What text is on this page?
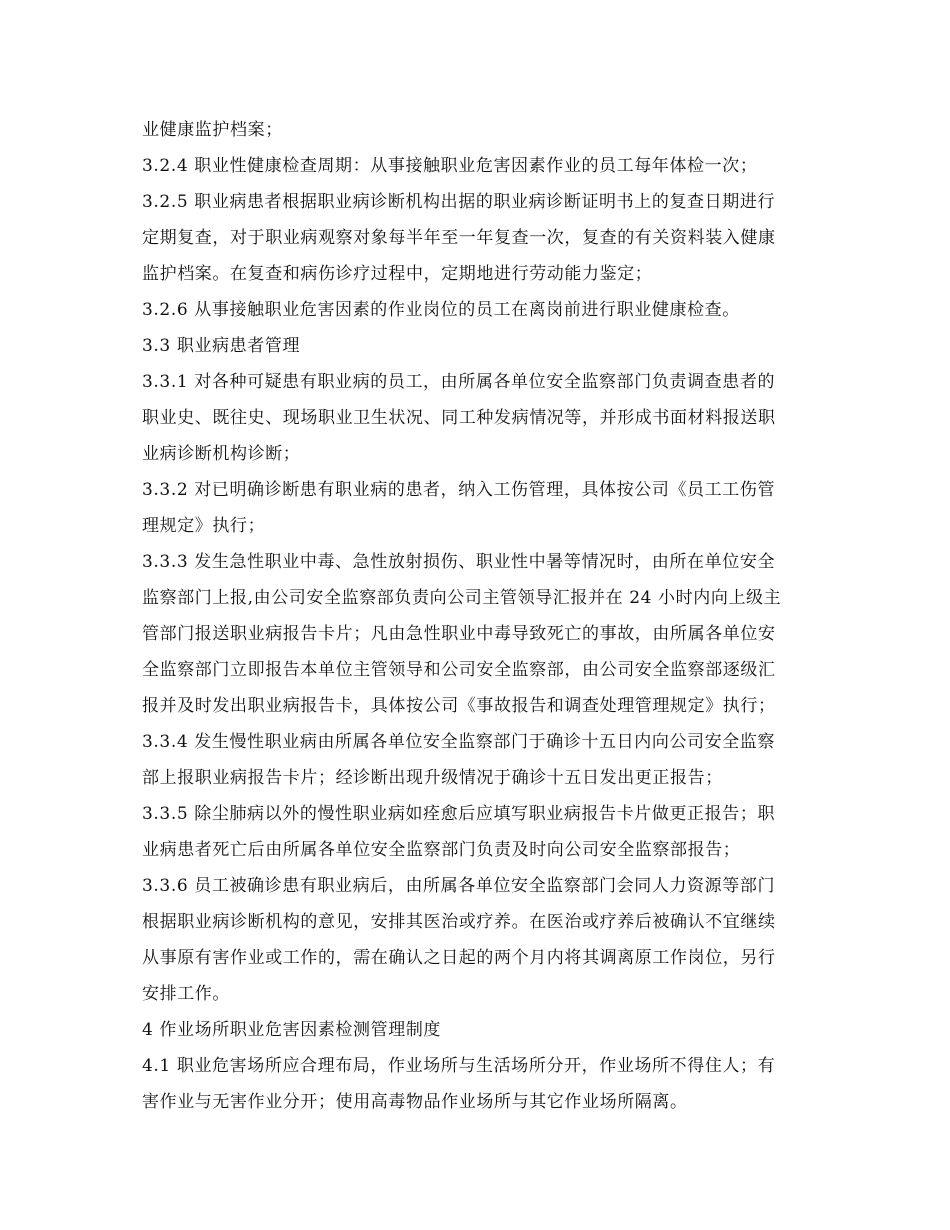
业健康监护档案；
3.2.4 职业性健康检查周期：从事接触职业危害因素作业的员工每年体检一次；
3.2.5 职业病患者根据职业病诊断机构出据的职业病诊断证明书上的复查日期进行
定期复查，对于职业病观察对象每半年至一年复查一次，复查的有关资料装入健康
监护档案。在复查和病伤诊疗过程中，定期地进行劳动能力鉴定；
3.2.6 从事接触职业危害因素的作业岗位的员工在离岗前进行职业健康检查。
3.3 职业病患者管理
3.3.1 对各种可疑患有职业病的员工，由所属各单位安全监察部门负责调查患者的
职业史、既往史、现场职业卫生状况、同工种发病情况等，并形成书面材料报送职
业病诊断机构诊断；
3.3.2 对已明确诊断患有职业病的患者，纳入工伤管理，具体按公司《员工工伤管
理规定》执行；
3.3.3 发生急性职业中毒、急性放射损伤、职业性中暑等情况时，由所在单位安全
监察部门上报,由公司安全监察部负责向公司主管领导汇报并在 24 小时内向上级主
管部门报送职业病报告卡片；凡由急性职业中毒导致死亡的事故，由所属各单位安
全监察部门立即报告本单位主管领导和公司安全监察部，由公司安全监察部逐级汇
报并及时发出职业病报告卡，具体按公司《事故报告和调查处理管理规定》执行；
3.3.4 发生慢性职业病由所属各单位安全监察部门于确诊十五日内向公司安全监察
部上报职业病报告卡片；经诊断出现升级情况于确诊十五日发出更正报告；
3.3.5 除尘肺病以外的慢性职业病如痊愈后应填写职业病报告卡片做更正报告；职
业病患者死亡后由所属各单位安全监察部门负责及时向公司安全监察部报告；
3.3.6 员工被确诊患有职业病后，由所属各单位安全监察部门会同人力资源等部门
根据职业病诊断机构的意见，安排其医治或疗养。在医治或疗养后被确认不宜继续
从事原有害作业或工作的，需在确认之日起的两个月内将其调离原工作岗位，另行
安排工作。
4 作业场所职业危害因素检测管理制度
4.1 职业危害场所应合理布局，作业场所与生活场所分开，作业场所不得住人；有
害作业与无害作业分开；使用高毒物品作业场所与其它作业场所隔离。
